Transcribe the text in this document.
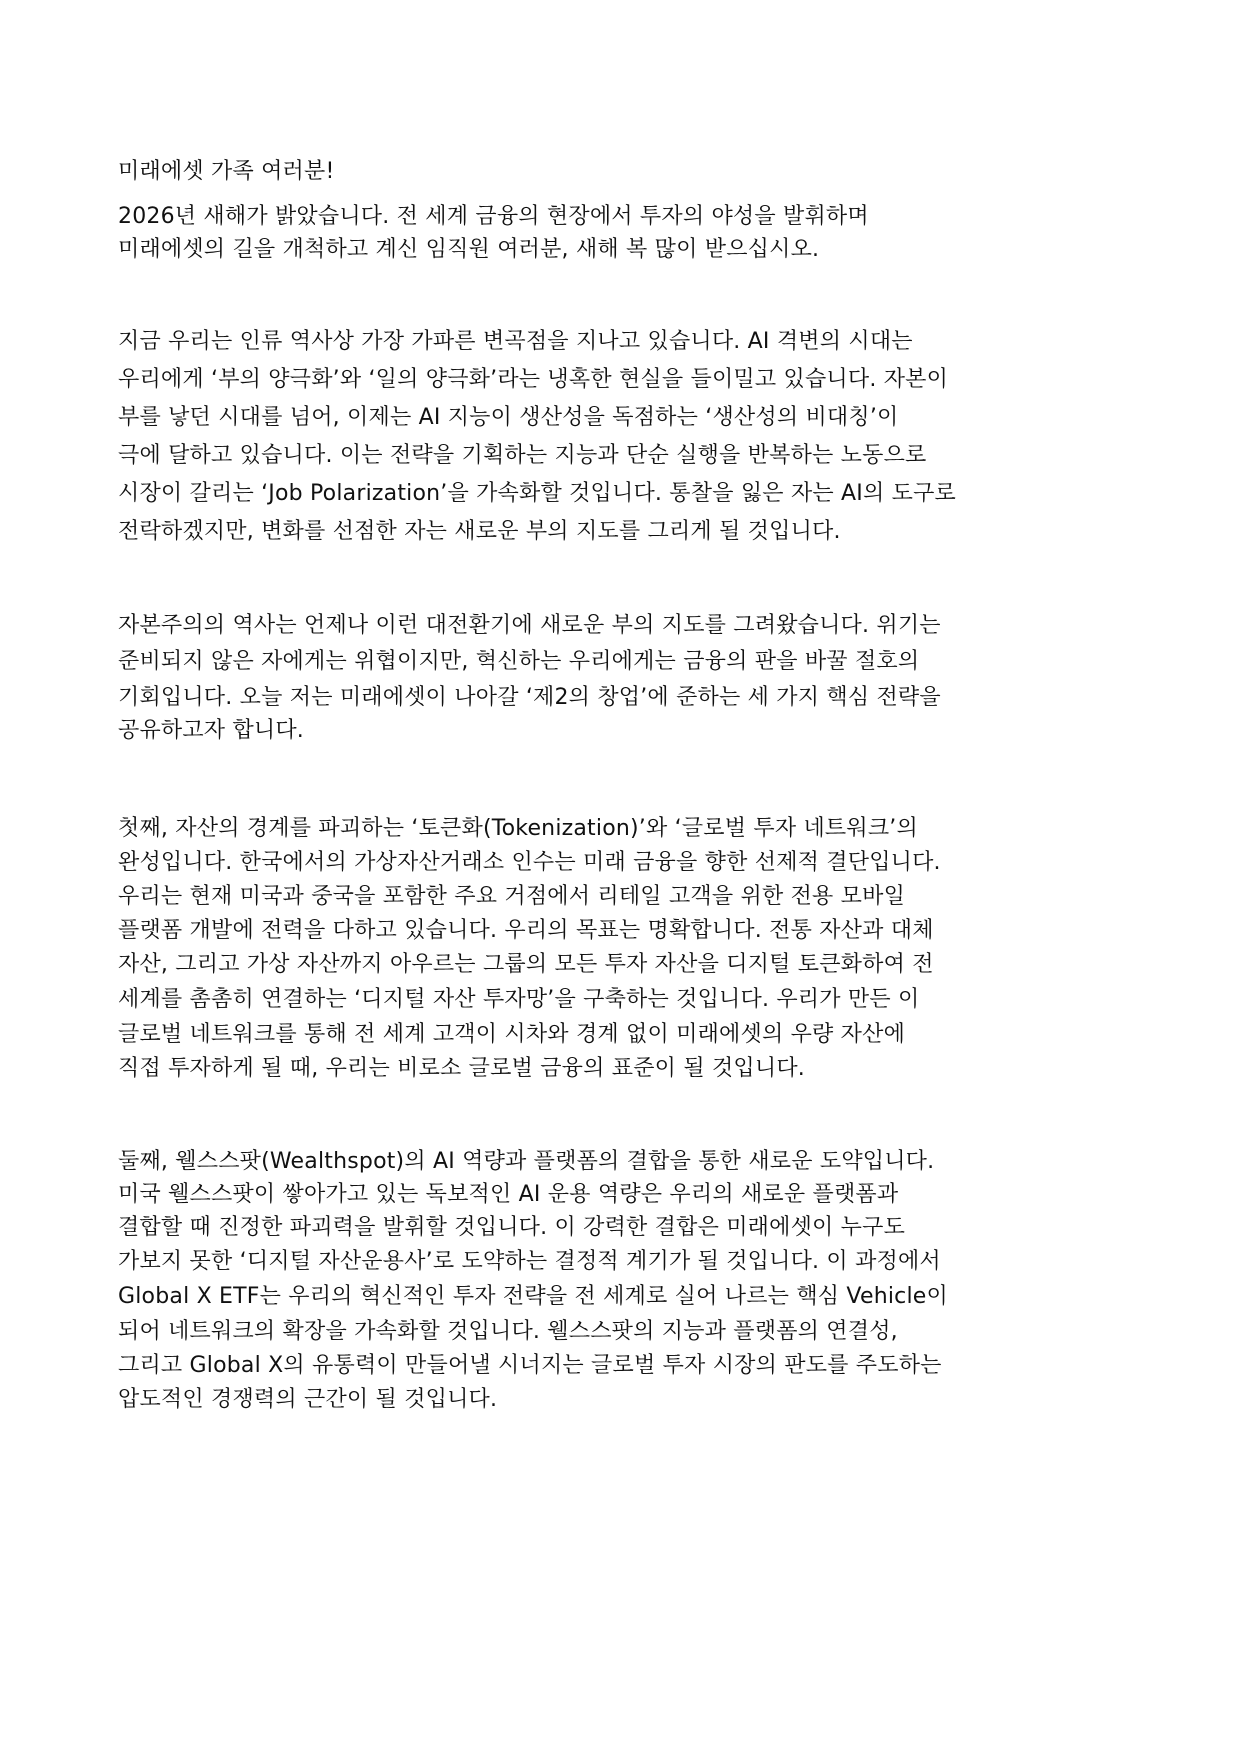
미래에셋 가족 여러분!
2026년 새해가 밝았습니다. 전 세계 금융의 현장에서 투자의 야성을 발휘하며
미래에셋의 길을 개척하고 계신 임직원 여러분, 새해 복 많이 받으십시오.
지금 우리는 인류 역사상 가장 가파른 변곡점을 지나고 있습니다. AI 격변의 시대는
우리에게 ‘부의 양극화’와 ‘일의 양극화’라는 냉혹한 현실을 들이밀고 있습니다. 자본이
부를 낳던 시대를 넘어, 이제는 AI 지능이 생산성을 독점하는 ‘생산성의 비대칭’이
극에 달하고 있습니다. 이는 전략을 기획하는 지능과 단순 실행을 반복하는 노동으로
시장이 갈리는 ‘Job Polarization’을 가속화할 것입니다. 통찰을 잃은 자는 AI의 도구로
전락하겠지만, 변화를 선점한 자는 새로운 부의 지도를 그리게 될 것입니다.
자본주의의 역사는 언제나 이런 대전환기에 새로운 부의 지도를 그려왔습니다. 위기는
준비되지 않은 자에게는 위협이지만, 혁신하는 우리에게는 금융의 판을 바꿀 절호의
기회입니다. 오늘 저는 미래에셋이 나아갈 ‘제2의 창업’에 준하는 세 가지 핵심 전략을
공유하고자 합니다.
첫째, 자산의 경계를 파괴하는 ‘토큰화(Tokenization)’와 ‘글로벌 투자 네트워크’의
완성입니다. 한국에서의 가상자산거래소 인수는 미래 금융을 향한 선제적 결단입니다.
우리는 현재 미국과 중국을 포함한 주요 거점에서 리테일 고객을 위한 전용 모바일
플랫폼 개발에 전력을 다하고 있습니다. 우리의 목표는 명확합니다. 전통 자산과 대체
자산, 그리고 가상 자산까지 아우르는 그룹의 모든 투자 자산을 디지털 토큰화하여 전
세계를 촘촘히 연결하는 ‘디지털 자산 투자망’을 구축하는 것입니다. 우리가 만든 이
글로벌 네트워크를 통해 전 세계 고객이 시차와 경계 없이 미래에셋의 우량 자산에
직접 투자하게 될 때, 우리는 비로소 글로벌 금융의 표준이 될 것입니다.
둘째, 웰스스팟(Wealthspot)의 AI 역량과 플랫폼의 결합을 통한 새로운 도약입니다.
미국 웰스스팟이 쌓아가고 있는 독보적인 AI 운용 역량은 우리의 새로운 플랫폼과
결합할 때 진정한 파괴력을 발휘할 것입니다. 이 강력한 결합은 미래에셋이 누구도
가보지 못한 ‘디지털 자산운용사’로 도약하는 결정적 계기가 될 것입니다. 이 과정에서
Global X ETF는 우리의 혁신적인 투자 전략을 전 세계로 실어 나르는 핵심 Vehicle이
되어 네트워크의 확장을 가속화할 것입니다. 웰스스팟의 지능과 플랫폼의 연결성,
그리고 Global X의 유통력이 만들어낼 시너지는 글로벌 투자 시장의 판도를 주도하는
압도적인 경쟁력의 근간이 될 것입니다.
